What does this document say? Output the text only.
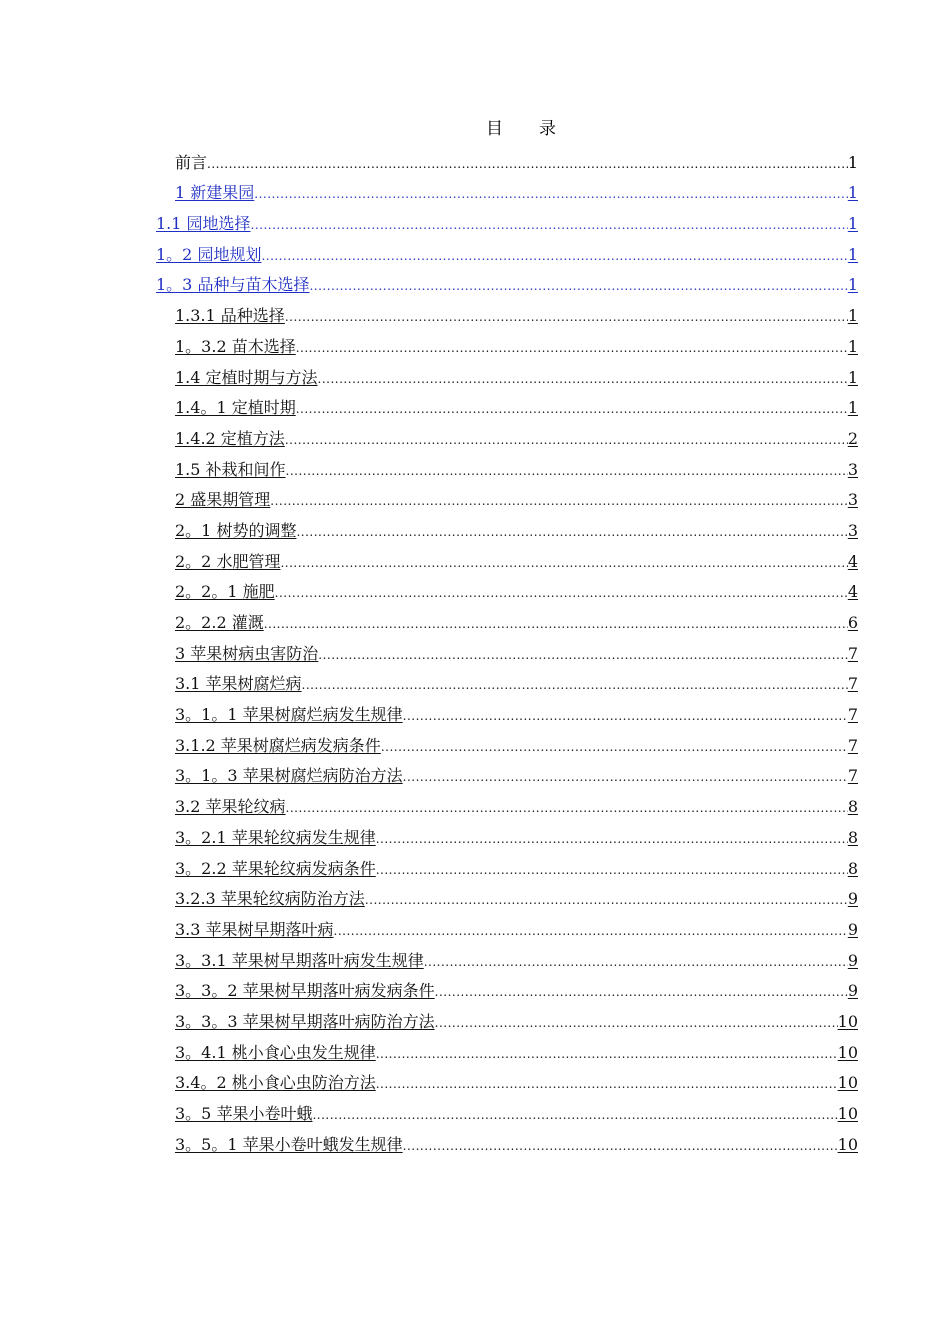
目 录
前言 .....	1
1 新建果园 .....	1
1.1 园地选择 .....	1
1。2 园地规划 .....	1
1。3 品种与苗木选择 .....	1
1.3.1 品种选择 .....	1
1。3.2 苗木选择 .....	1
1.4 定植时期与方法 .....	1
1.4。1 定植时期 .....	1
1.4.2 定植方法 .....	2
1.5 补栽和间作 .....	3
2 盛果期管理 .....	3
2。1 树势的调整 .....	3
2。2 水肥管理 .....	4
2。2。1 施肥 .....	4
2。2.2 灌溉 .....	6
3 苹果树病虫害防治 .....	7
3.1 苹果树腐烂病 .....	7
3。1。1 苹果树腐烂病发生规律 .....	7
3.1.2 苹果树腐烂病发病条件 .....	7
3。1。3 苹果树腐烂病防治方法 .....	7
3.2 苹果轮纹病 .....	8
3。2.1 苹果轮纹病发生规律 .....	8
3。2.2 苹果轮纹病发病条件 .....	8
3.2.3 苹果轮纹病防治方法 .....	9
3.3 苹果树早期落叶病 .....	9
3。3.1 苹果树早期落叶病发生规律 .....	9
3。3。2 苹果树早期落叶病发病条件 .....	9
3。3。3 苹果树早期落叶病防治方法 .....	10
3。4.1 桃小食心虫发生规律 .....	10
3.4。2 桃小食心虫防治方法 .....	10
3。5 苹果小卷叶蛾 .....	10
3。5。1 苹果小卷叶蛾发生规律 .....	10
